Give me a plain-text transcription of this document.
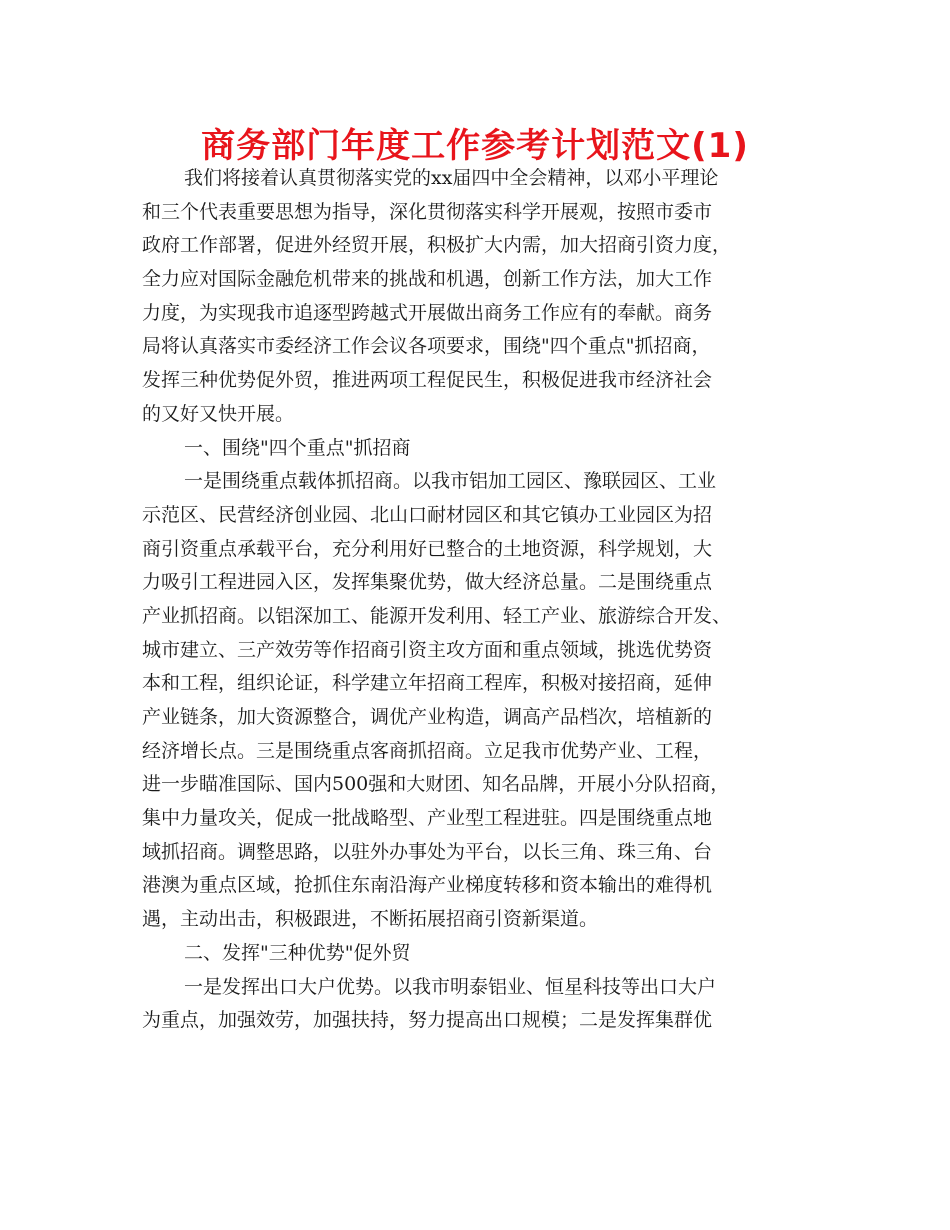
商务部门年度工作参考计划范文(1)
我们将接着认真贯彻落实党的xx届四中全会精神，以邓小平理论
和三个代表重要思想为指导，深化贯彻落实科学开展观，按照市委市
政府工作部署，促进外经贸开展，积极扩大内需，加大招商引资力度，
全力应对国际金融危机带来的挑战和机遇，创新工作方法，加大工作
力度，为实现我市追逐型跨越式开展做出商务工作应有的奉献。商务
局将认真落实市委经济工作会议各项要求，围绕"四个重点"抓招商，
发挥三种优势促外贸，推进两项工程促民生，积极促进我市经济社会
的又好又快开展。
一、围绕"四个重点"抓招商
一是围绕重点载体抓招商。以我市铝加工园区、豫联园区、工业
示范区、民营经济创业园、北山口耐材园区和其它镇办工业园区为招
商引资重点承载平台，充分利用好已整合的土地资源，科学规划，大
力吸引工程进园入区，发挥集聚优势，做大经济总量。二是围绕重点
产业抓招商。以铝深加工、能源开发利用、轻工产业、旅游综合开发、
城市建立、三产效劳等作招商引资主攻方面和重点领域，挑选优势资
本和工程，组织论证，科学建立年招商工程库，积极对接招商，延伸
产业链条，加大资源整合，调优产业构造，调高产品档次，培植新的
经济增长点。三是围绕重点客商抓招商。立足我市优势产业、工程，
进一步瞄准国际、国内500强和大财团、知名品牌，开展小分队招商，
集中力量攻关，促成一批战略型、产业型工程进驻。四是围绕重点地
域抓招商。调整思路，以驻外办事处为平台，以长三角、珠三角、台
港澳为重点区域，抢抓住东南沿海产业梯度转移和资本输出的难得机
遇，主动出击，积极跟进，不断拓展招商引资新渠道。
二、发挥"三种优势"促外贸
一是发挥出口大户优势。以我市明泰铝业、恒星科技等出口大户
为重点，加强效劳，加强扶持，努力提高出口规模；二是发挥集群优
